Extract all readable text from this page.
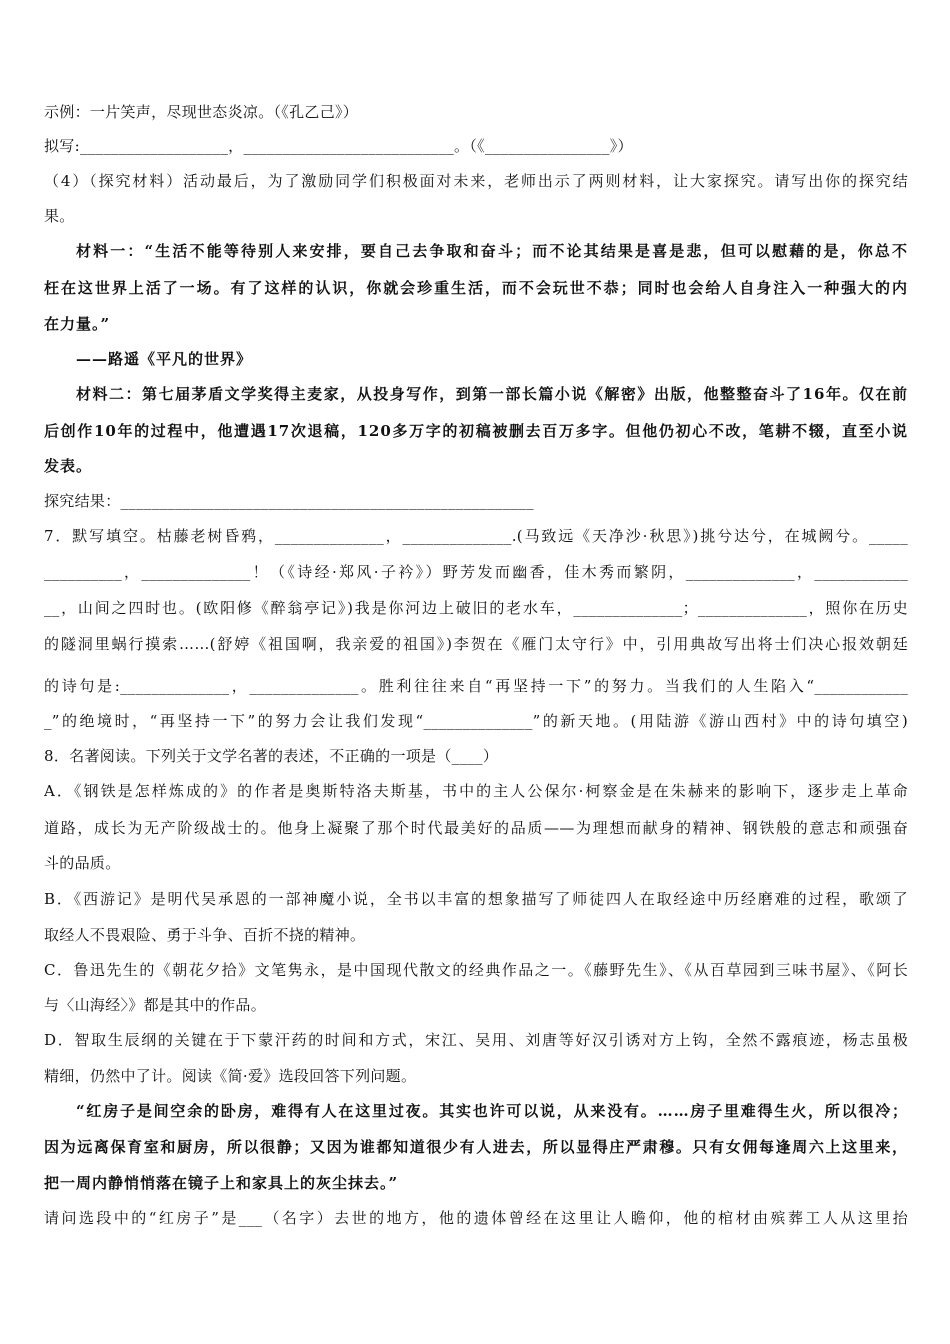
示例：一片笑声，尽现世态炎凉。（《孔乙己》）
拟写:___________________，___________________________。（《________________》）
（4）（探究材料）活动最后，为了激励同学们积极面对未来，老师出示了两则材料，让大家探究。请写出你的探究结
果。
材料一：“生活不能等待别人来安排，要自己去争取和奋斗；而不论其结果是喜是悲，但可以慰藉的是，你总不
枉在这世界上活了一场。有了这样的认识，你就会珍重生活，而不会玩世不恭；同时也会给人自身注入一种强大的内
在力量。”
——路遥《平凡的世界》
材料二：第七届茅盾文学奖得主麦家，从投身写作，到第一部长篇小说《解密》出版，他整整奋斗了16年。仅在前
后创作10年的过程中，他遭遇17次退稿，120多万字的初稿被删去百万多字。但他仍初心不改，笔耕不辍，直至小说
发表。
探究结果：_____________________________________________________
7．默写填空。枯藤老树昏鸦，______________，______________.(马致远《天净沙·秋思》)挑兮达兮，在城阙兮。_____
__________，______________！（《诗经·郑风·子衿》）野芳发而幽香，佳木秀而繁阴，______________，____________
__，山间之四时也。(欧阳修《醉翁亭记》)我是你河边上破旧的老水车，______________；______________，照你在历史
的隧洞里蜗行摸索……(舒婷《祖国啊，我亲爱的祖国》)李贺在《雁门太守行》中，引用典故写出将士们决心报效朝廷
的诗句是:______________，______________。胜利往往来自“再坚持一下”的努力。当我们的人生陷入“____________
_”的绝境时，“再坚持一下”的努力会让我们发现“______________”的新天地。(用陆游《游山西村》中的诗句填空)
8．名著阅读。下列关于文学名著的表述，不正确的一项是（____）
A．《钢铁是怎样炼成的》的作者是奥斯特洛夫斯基，书中的主人公保尔·柯察金是在朱赫来的影响下，逐步走上革命
道路，成长为无产阶级战士的。他身上凝聚了那个时代最美好的品质——为理想而献身的精神、钢铁般的意志和顽强奋
斗的品质。
B．《西游记》是明代吴承恩的一部神魔小说，全书以丰富的想象描写了师徒四人在取经途中历经磨难的过程，歌颂了
取经人不畏艰险、勇于斗争、百折不挠的精神。
C．鲁迅先生的《朝花夕拾》文笔隽永，是中国现代散文的经典作品之一。《藤野先生》、《从百草园到三味书屋》、《阿长
与〈山海经〉》都是其中的作品。
D．智取生辰纲的关键在于下蒙汗药的时间和方式，宋江、吴用、刘唐等好汉引诱对方上钩，全然不露痕迹，杨志虽极
精细，仍然中了计。阅读《简·爱》选段回答下列问题。
“红房子是间空余的卧房，难得有人在这里过夜。其实也许可以说，从来没有。……房子里难得生火，所以很冷；
因为远离保育室和厨房，所以很静；又因为谁都知道很少有人进去，所以显得庄严肃穆。只有女佣每逢周六上这里来，
把一周内静悄悄落在镜子上和家具上的灰尘抹去。”
请问选段中的“红房子”是___（名字）去世的地方，他的遗体曾经在这里让人瞻仰，他的棺材由殡葬工人从这里抬
